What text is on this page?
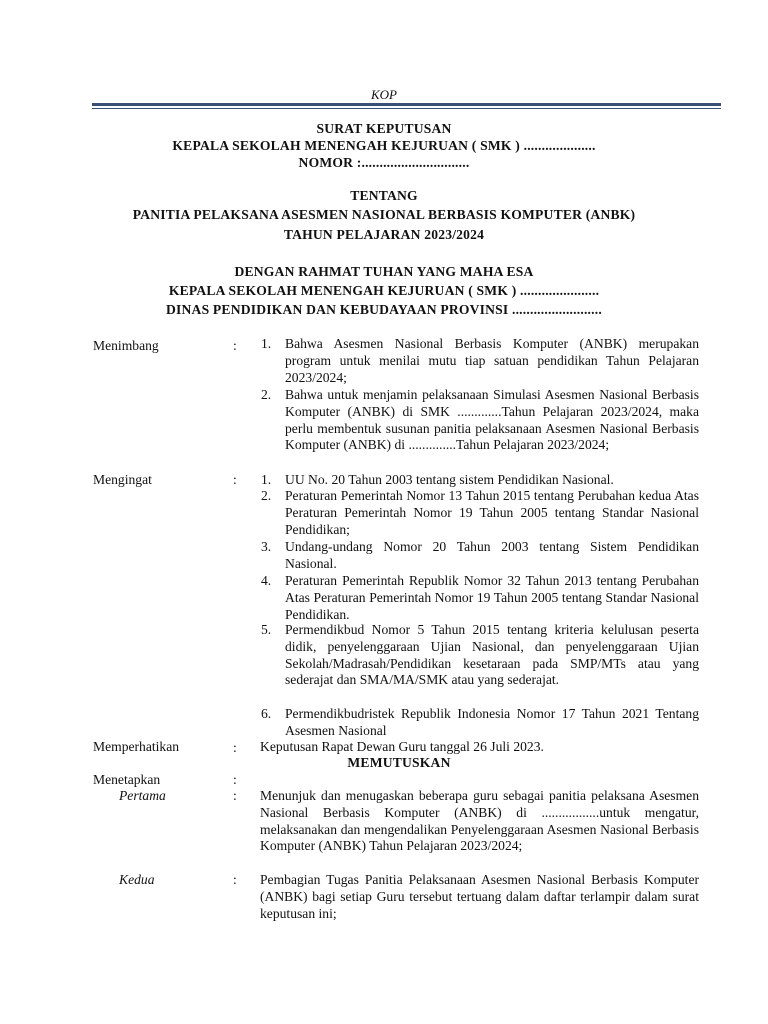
KOP
SURAT KEPUTUSAN
KEPALA SEKOLAH MENENGAH KEJURUAN ( SMK ) ....................
NOMOR :..............................
TENTANG
PANITIA PELAKSANA ASESMEN NASIONAL BERBASIS KOMPUTER (ANBK)
TAHUN PELAJARAN 2023/2024
DENGAN RAHMAT TUHAN YANG MAHA ESA
KEPALA SEKOLAH MENENGAH KEJURUAN ( SMK ) ......................
DINAS PENDIDIKAN DAN KEBUDAYAAN PROVINSI .........................
Menimbang	: 1. Bahwa Asesmen Nasional Berbasis Komputer (ANBK) merupakan program untuk menilai mutu tiap satuan pendidikan Tahun Pelajaran 2023/2024;
2. Bahwa untuk menjamin pelaksanaan Simulasi Asesmen Nasional Berbasis Komputer (ANBK) di SMK .............Tahun Pelajaran 2023/2024, maka perlu membentuk susunan panitia pelaksanaan Asesmen Nasional Berbasis Komputer (ANBK) di ..............Tahun Pelajaran 2023/2024;
Mengingat	: 1. UU No. 20 Tahun 2003 tentang sistem Pendidikan Nasional.
2. Peraturan Pemerintah Nomor 13 Tahun 2015 tentang Perubahan kedua Atas Peraturan Pemerintah Nomor 19 Tahun 2005 tentang Standar Nasional Pendidikan;
3. Undang-undang Nomor 20 Tahun 2003 tentang Sistem Pendidikan Nasional.
4. Peraturan Pemerintah Republik Nomor 32 Tahun 2013 tentang Perubahan Atas Peraturan Pemerintah Nomor 19 Tahun 2005 tentang Standar Nasional Pendidikan.
5. Permendikbud Nomor 5 Tahun 2015 tentang kriteria kelulusan peserta didik, penyelenggaraan Ujian Nasional, dan penyelenggaraan Ujian Sekolah/Madrasah/Pendidikan kesetaraan pada SMP/MTs atau yang sederajat dan SMA/MA/SMK atau yang sederajat.
6. Permendikbudristek Republik Indonesia Nomor 17 Tahun 2021 Tentang Asesmen Nasional
Memperhatikan	: Keputusan Rapat Dewan Guru tanggal 26 Juli 2023.
MEMUTUSKAN
Menetapkan	:
Pertama	: Menunjuk dan menugaskan beberapa guru sebagai panitia pelaksana Asesmen Nasional Berbasis Komputer (ANBK) di .................untuk mengatur, melaksanakan dan mengendalikan Penyelenggaraan Asesmen Nasional Berbasis Komputer (ANBK) Tahun Pelajaran 2023/2024;
Kedua	: Pembagian Tugas Panitia Pelaksanaan Asesmen Nasional Berbasis Komputer (ANBK) bagi setiap Guru tersebut tertuang dalam daftar terlampir dalam surat keputusan ini;
